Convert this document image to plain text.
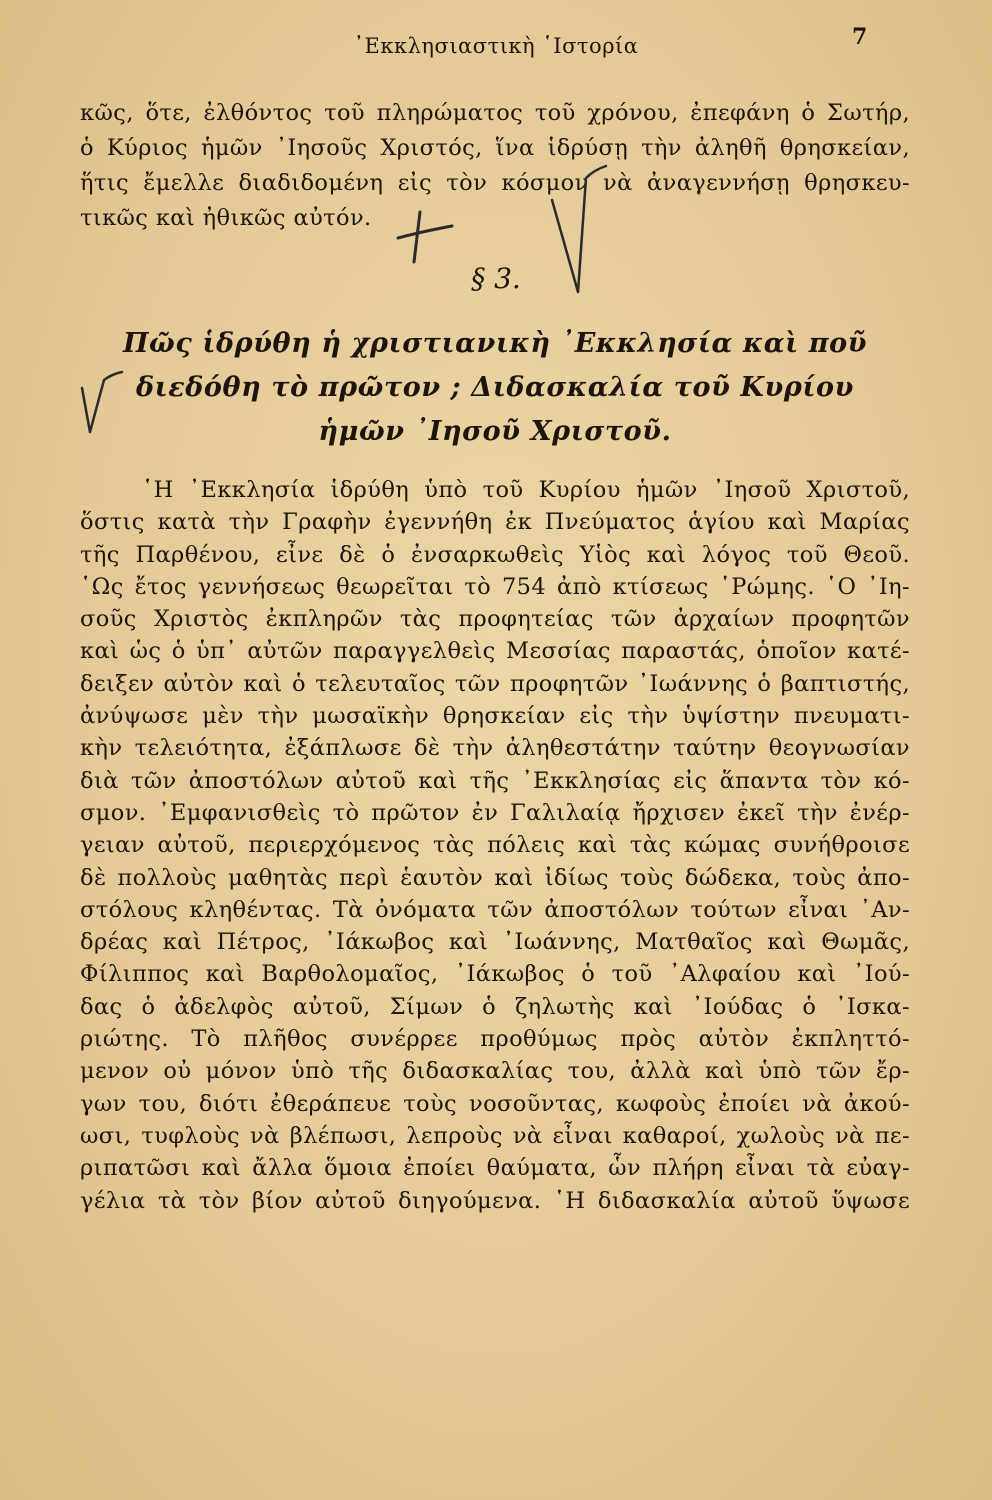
᾿Εκκλησιαστικὴ ῾Ιστορία	7
κῶς, ὅτε, ἐλθόντος τοῦ πληρώματος τοῦ χρόνου, ἐπεφάνη ὁ Σωτήρ,
ὁ Κύριος ἡμῶν ᾿Ιησοῦς Χριστός, ἵνα ἱδρύσῃ τὴν ἀληθῆ θρησκείαν,
ἥτις ἔμελλε διαδιδομένη εἰς τὸν κόσμον νὰ ἀναγεννήσῃ θρησκευ-
τικῶς καὶ ἠθικῶς αὐτόν.
§ 3.
Πῶς ἱδρύθη ἡ χριστιανικὴ ᾿Εκκλησία καὶ ποῦ
διεδόθη τὸ πρῶτον ; Διδασκαλία τοῦ Κυρίου
ἡμῶν ᾿Ιησοῦ Χριστοῦ.
῾Η ᾿Εκκλησία ἱδρύθη ὑπὸ τοῦ Κυρίου ἡμῶν ᾿Ιησοῦ Χριστοῦ,
ὅστις κατὰ τὴν Γραφὴν ἐγεννήθη ἐκ Πνεύματος ἁγίου καὶ Μαρίας
τῆς Παρθένου, εἶνε δὲ ὁ ἐνσαρκωθεὶς Υἱὸς καὶ λόγος τοῦ Θεοῦ.
῾Ως ἔτος γεννήσεως θεωρεῖται τὸ 754 ἀπὸ κτίσεως ῾Ρώμης. ῾Ο ᾿Ιη-
σοῦς Χριστὸς ἐκπληρῶν τὰς προφητείας τῶν ἀρχαίων προφητῶν
καὶ ὡς ὁ ὑπ᾿ αὐτῶν παραγγελθεὶς Μεσσίας παραστάς, ὁποῖον κατέ-
δειξεν αὐτὸν καὶ ὁ τελευταῖος τῶν προφητῶν ᾿Ιωάννης ὁ βαπτιστής,
ἀνύψωσε μὲν τὴν μωσαϊκὴν θρησκείαν εἰς τὴν ὑψίστην πνευματι-
κὴν τελειότητα, ἐξάπλωσε δὲ τὴν ἀληθεστάτην ταύτην θεογνωσίαν
διὰ τῶν ἀποστόλων αὐτοῦ καὶ τῆς ᾿Εκκλησίας εἰς ἅπαντα τὸν κό-
σμον. ᾿Εμφανισθεὶς τὸ πρῶτον ἐν Γαλιλαίᾳ ἤρχισεν ἐκεῖ τὴν ἐνέρ-
γειαν αὐτοῦ, περιερχόμενος τὰς πόλεις καὶ τὰς κώμας συνήθροισε
δὲ πολλοὺς μαθητὰς περὶ ἑαυτὸν καὶ ἰδίως τοὺς δώδεκα, τοὺς ἀπο-
στόλους κληθέντας. Τὰ ὀνόματα τῶν ἀποστόλων τούτων εἶναι ᾿Αν-
δρέας καὶ Πέτρος, ᾿Ιάκωβος καὶ ᾿Ιωάννης, Ματθαῖος καὶ Θωμᾶς,
Φίλιππος καὶ Βαρθολομαῖος, ᾿Ιάκωβος ὁ τοῦ ᾿Αλφαίου καὶ ᾿Ιού-
δας ὁ ἀδελφὸς αὐτοῦ, Σίμων ὁ ζηλωτὴς καὶ ᾿Ιούδας ὁ ᾿Ισκα-
ριώτης. Τὸ πλῆθος συνέρρεε προθύμως πρὸς αὐτὸν ἐκπληττό-
μενον οὐ μόνον ὑπὸ τῆς διδασκαλίας του, ἀλλὰ καὶ ὑπὸ τῶν ἔρ-
γων του, διότι ἐθεράπευε τοὺς νοσοῦντας, κωφοὺς ἐποίει νὰ ἀκού-
ωσι, τυφλοὺς νὰ βλέπωσι, λεπροὺς νὰ εἶναι καθαροί, χωλοὺς νὰ πε-
ριπατῶσι καὶ ἄλλα ὅμοια ἐποίει θαύματα, ὧν πλήρη εἶναι τὰ εὐαγ-
γέλια τὰ τὸν βίον αὐτοῦ διηγούμενα. ῾Η διδασκαλία αὐτοῦ ὕψωσε
